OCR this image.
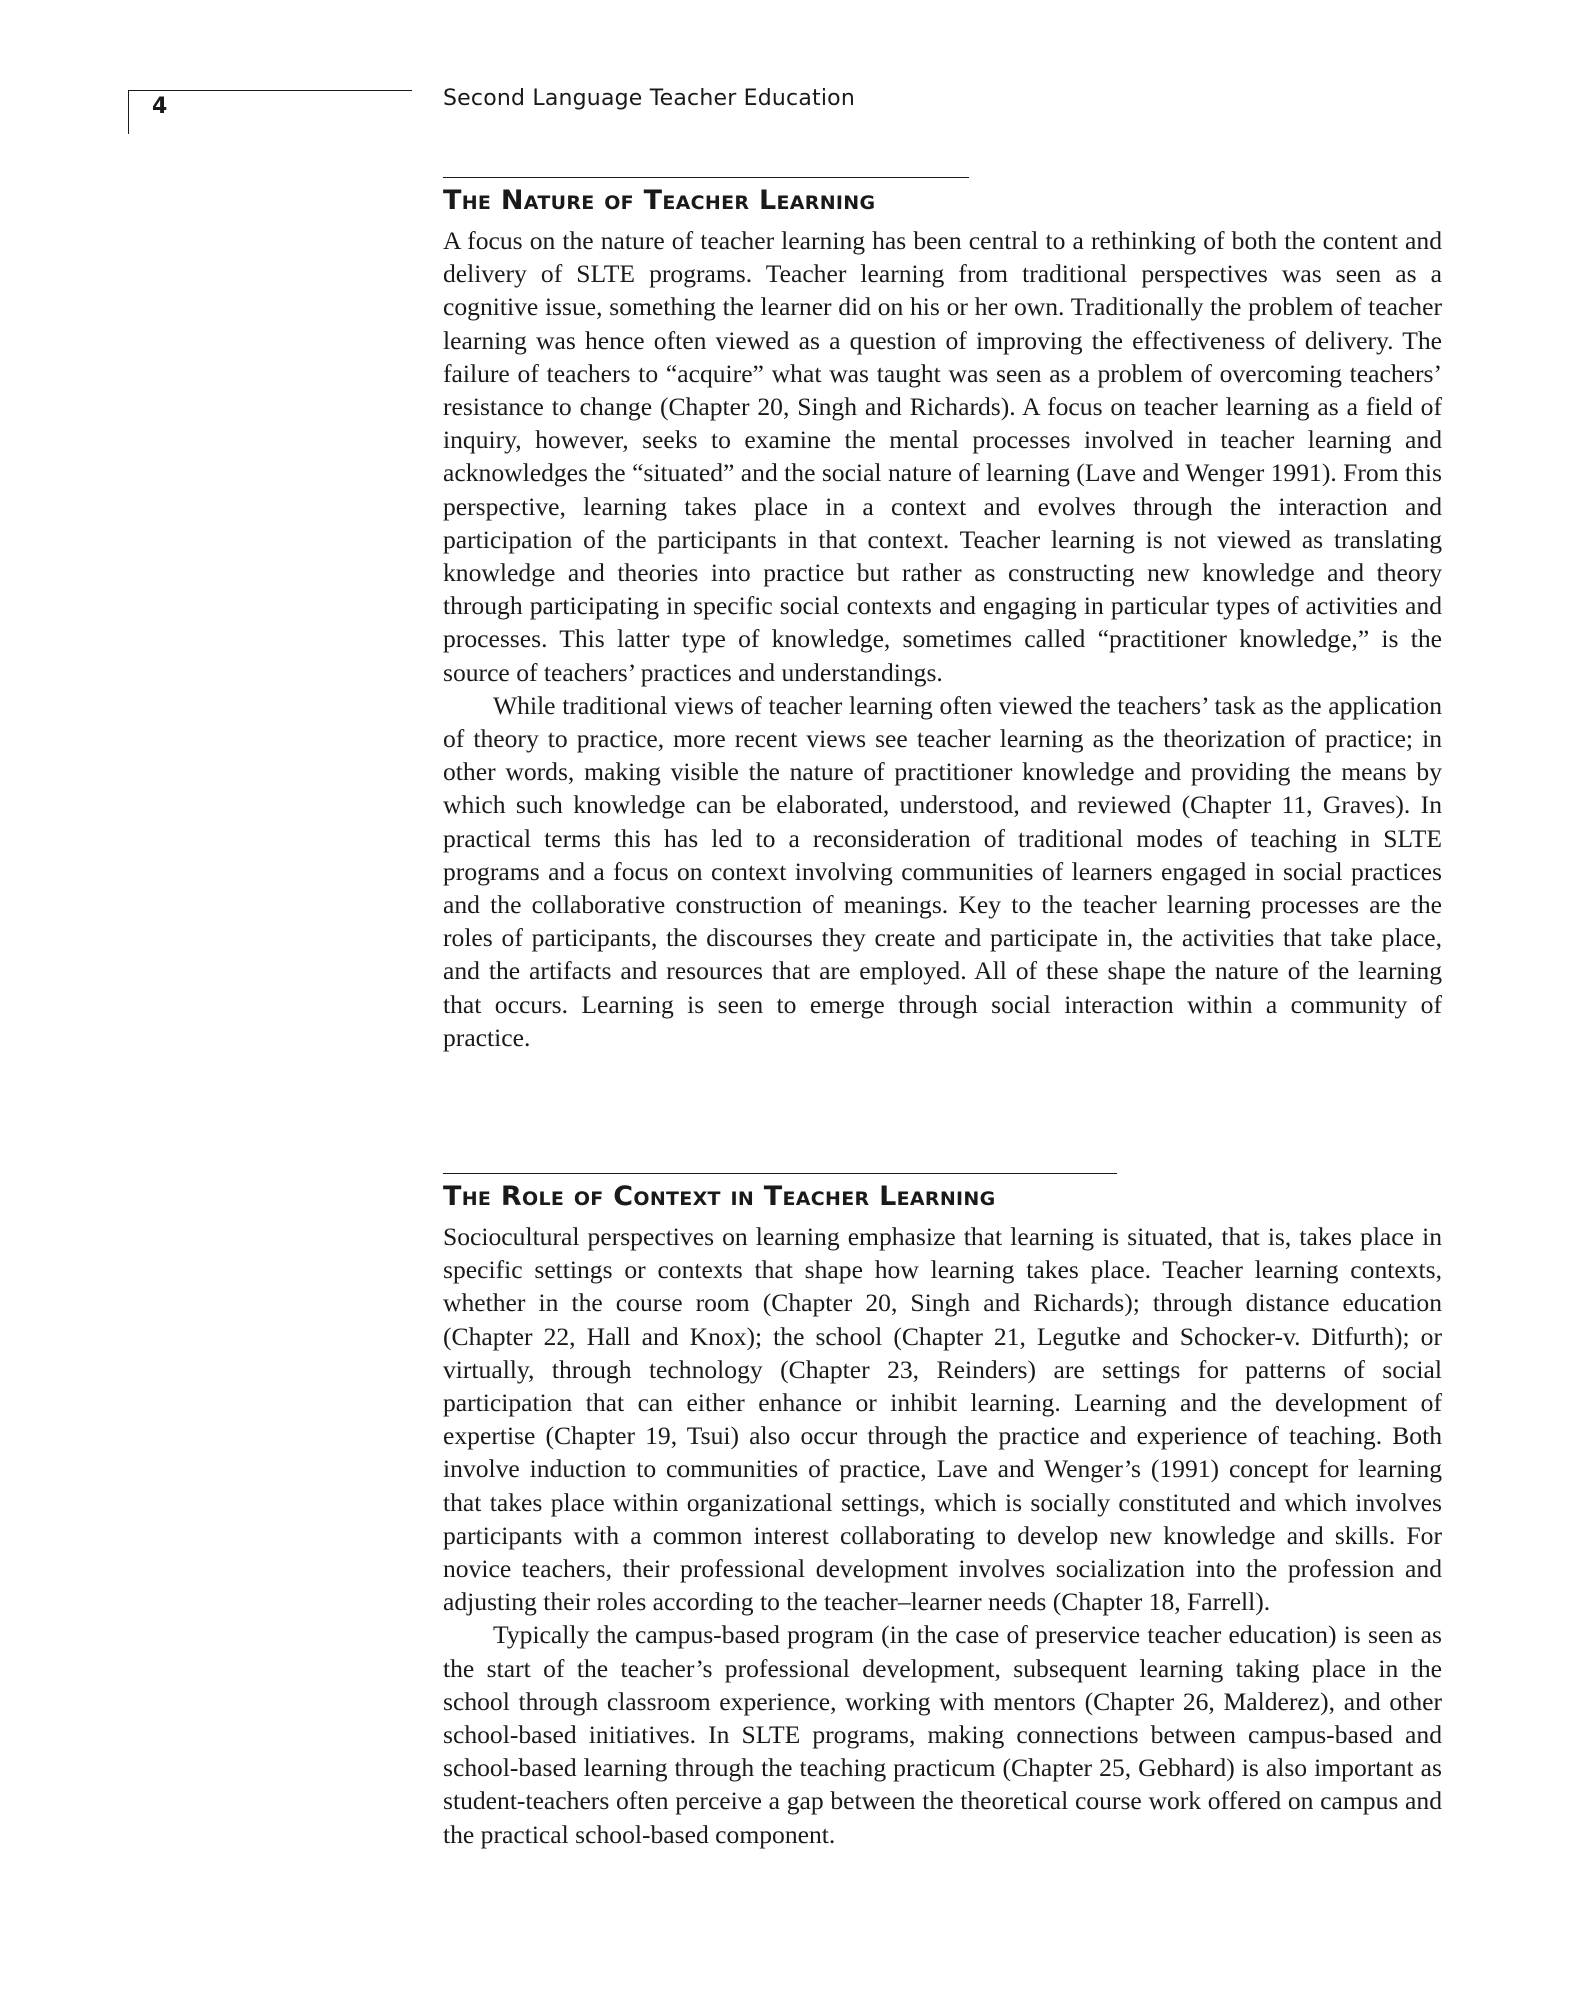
4	Second Language Teacher Education
The Nature of Teacher Learning

A focus on the nature of teacher learning has been central to a rethinking of both the content and delivery of SLTE programs. Teacher learning from traditional perspectives was seen as a cognitive issue, something the learner did on his or her own. Traditionally the problem of teacher learning was hence often viewed as a question of improving the effectiveness of delivery. The failure of teachers to “acquire” what was taught was seen as a problem of overcoming teachers’ resistance to change (Chapter 20, Singh and Richards). A focus on teacher learning as a field of inquiry, however, seeks to examine the mental processes involved in teacher learning and acknowledges the “situated” and the social nature of learning (Lave and Wenger 1991). From this perspective, learning takes place in a context and evolves through the interaction and participation of the participants in that context. Teacher learning is not viewed as translating knowledge and theories into practice but rather as constructing new knowledge and theory through participating in specific social contexts and engaging in particular types of activities and processes. This latter type of knowledge, sometimes called “practitioner knowledge,” is the source of teachers’ practices and understandings.

While traditional views of teacher learning often viewed the teachers’ task as the application of theory to practice, more recent views see teacher learning as the theorization of practice; in other words, making visible the nature of practitioner knowledge and providing the means by which such knowledge can be elaborated, understood, and reviewed (Chapter 11, Graves). In practical terms this has led to a reconsideration of traditional modes of teaching in SLTE programs and a focus on context involving communities of learners engaged in social practices and the collaborative construction of meanings. Key to the teacher learning processes are the roles of participants, the discourses they create and participate in, the activities that take place, and the artifacts and resources that are employed. All of these shape the nature of the learning that occurs. Learning is seen to emerge through social interaction within a community of practice.

The Role of Context in Teacher Learning

Sociocultural perspectives on learning emphasize that learning is situated, that is, takes place in specific settings or contexts that shape how learning takes place. Teacher learning contexts, whether in the course room (Chapter 20, Singh and Richards); through distance education (Chapter 22, Hall and Knox); the school (Chapter 21, Legutke and Schocker-v. Ditfurth); or virtually, through technology (Chapter 23, Reinders) are settings for patterns of social participation that can either enhance or inhibit learning. Learning and the development of expertise (Chapter 19, Tsui) also occur through the practice and experience of teaching. Both involve induction to communities of practice, Lave and Wenger’s (1991) concept for learning that takes place within organizational settings, which is socially constituted and which involves participants with a common interest collaborating to develop new knowledge and skills. For novice teachers, their professional development involves socialization into the profession and adjusting their roles according to the teacher–learner needs (Chapter 18, Farrell).

Typically the campus-based program (in the case of preservice teacher education) is seen as the start of the teacher’s professional development, subsequent learning taking place in the school through classroom experience, working with mentors (Chapter 26, Malderez), and other school-based initiatives. In SLTE programs, making connections between campus-based and school-based learning through the teaching practicum (Chapter 25, Gebhard) is also important as student-teachers often perceive a gap between the theoretical course work offered on campus and the practical school-based component.
